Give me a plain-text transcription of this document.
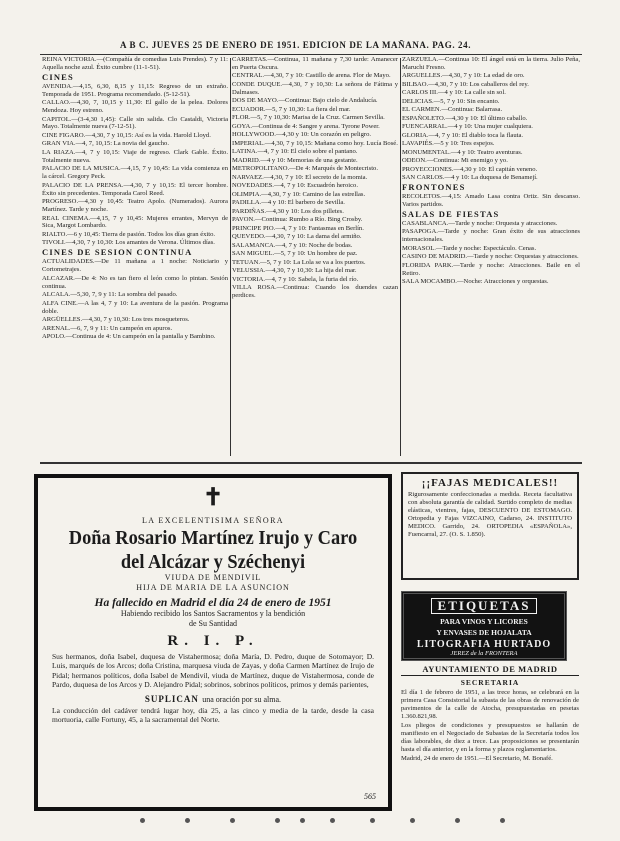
A B C. JUEVES 25 DE ENERO DE 1951. EDICION DE LA MAÑANA. PAG. 24.

REINA VICTORIA.—(Compañía de comedias Luis Prendes). 7 y 11: Aquella noche azul. Éxito cumbre (11-1-51).

CINES

AVENIDA.—4,15, 6,30, 8,15 y 11,15: Regreso de un extraño. Temporada de 1951. Programa recomendado. (5-12-51).

CALLAO.—4,30, 7, 10,15 y 11,30: El gallo de la pelea. Dolores Mendoza. Hoy estreno.

CAPITOL.—(3-4,30 1,45): Calle sin salida. Clo Castaldi, Victoria Mayo. Totalmente nueva (7-12-51).

CINE FIGARO.—4,30, 7 y 10,15: Así es la vida. Harold Lloyd.

GRAN VIA.—4, 7, 10,15: La novia del gaucho.

LA RIAZA.—4, 7 y 10,15: Viaje de regreso. Clark Gable. Éxito. Totalmente nueva.

PALACIO DE LA MUSICA.—4,15, 7 y 10,45: La vida comienza en la cárcel. Gregory Peck.

PALACIO DE LA PRENSA.—4,30, 7 y 10,15: El tercer hombre. Éxito sin precedentes. Temporada Carol Reed.

PROGRESO.—4,30 y 10,45: Teatro Apolo. (Numerados). Aurora Martínez. Tarde y noche.

REAL CINEMA.—4,15, 7 y 10,45: Mujeres errantes, Mervyn de Sica, Margot Lombardo.

RIALTO.—6 y 10,45: Tierra de pasión. Todos los días gran éxito.

TIVOLI.—4,30, 7 y 10,30: Los amantes de Verona. Últimos días.

CINES DE SESION CONTINUA

ACTUALIDADES.—De 11 mañana a 1 noche: Noticiario y Cortometrajes.

ALCAZAR.—De 4: No es tan fiero el león como lo pintan. Sesión continua.

ALCALA.—5,30, 7, 9 y 11: La sombra del pasado.

ALFA CINE.—A las 4, 7 y 10: La aventura de la pasión. Programa doble.

ARGÜELLES.—4,30, 7 y 10,30: Los tres mosqueteros.

ARENAL.—6, 7, 9 y 11: Un campeón en apuros.

APOLO.—Continua de 4: Un campeón en la pantalla y Bambino.

CARRETAS.—Continua, 11 mañana y 7,30 tarde: Amanecer en Puerta Oscura.

CENTRAL.—4,30, 7 y 10: Castillo de arena. Flor de Mayo.

CONDE DUQUE.—4,30, 7 y 10,30: La señora de Fátima y Dalmases.

DOS DE MAYO.—Continua: Bajo cielo de Andalucía.

ECUADOR.—5, 7 y 10,30: La fiera del mar.

FLOR.—5, 7 y 10,30: Marisa de la Cruz. Carmen Sevilla.

GOYA.—Continua de 4: Sangre y arena. Tyrone Power.

HOLLYWOOD.—4,30 y 10: Un corazón en peligro.

IMPERIAL.—4,30, 7 y 10,15: Mañana como hoy. Lucía Bosé.

LATINA.—4, 7 y 10: El cielo sobre el pantano.

MADRID.—4 y 10: Memorias de una gestante.

METROPOLITANO.—De 4: Marqués de Montecristo.

NARVAEZ.—4,30, 7 y 10: El secreto de la momia.

NOVEDADES.—4, 7 y 10: Escuadrón heroico.

OLIMPIA.—4,30, 7 y 10: Camino de las estrellas.

PADILLA.—4 y 10: El barbero de Sevilla.

PARDIÑAS.—4,30 y 10: Los dos pilletes.

PAVON.—Continua: Rumbo a Río. Bing Crosby.

PRINCIPE PIO.—4, 7 y 10: Fantasmas en Berlín.

QUEVEDO.—4,30, 7 y 10: La dama del armiño.

SALAMANCA.—4, 7 y 10: Noche de bodas.

SAN MIGUEL.—5, 7 y 10: Un hombre de paz.

TETUAN.—5, 7 y 10: La Lola se va a los puertos.

VELUSSIA.—4,30, 7 y 10,30: La hija del mar.

VICTORIA.—4, 7 y 10: Sabela, la furia del río.

VILLA ROSA.—Continua: Cuando los duendes cazan perdices.

ZARZUELA.—Continua 10: El ángel está en la tierra. Julio Peña, Maruchi Fresno.

ARGUELLES.—4,30, 7 y 10: La edad de oro.

BILBAO.—4,30, 7 y 10: Los caballeros del rey.

CARLOS III.—4 y 10: La calle sin sol.

DELICIAS.—5, 7 y 10: Sin encanto.

EL CARMEN.—Continua: Balarrasa.

ESPAÑOLETO.—4,30 y 10: El último caballo.

FUENCARRAL.—4 y 10: Una mujer cualquiera.

GLORIA.—4, 7 y 10: El diablo toca la flauta.

LAVAPIÉS.—5 y 10: Tres espejos.

MONUMENTAL.—4 y 10: Teatro aventuras.

ODEON.—Continua: Mi enemigo y yo.

PROYECCIONES.—4,30 y 10: El capitán veneno.

SAN CARLOS.—4 y 10: La duquesa de Benamejí.

FRONTONES

RECOLETOS.—4,15: Amado Lasa contra Ortiz. Sin descanso. Varios partidos.

SALAS DE FIESTAS

CASABLANCA.—Tarde y noche: Orquesta y atracciones.

PASAPOGA.—Tarde y noche: Gran éxito de sus atracciones internacionales.

MORASOL.—Tarde y noche: Espectáculo. Cenas.

CASINO DE MADRID.—Tarde y noche: Orquestas y atracciones.

FLORIDA PARK.—Tarde y noche: Atracciones. Baile en el Retiro.

SALA MOCAMBO.—Noche: Atracciones y orquestas.

✝
LA EXCELENTISIMA SEÑORA
Doña Rosario Martínez Irujo y Caro
del Alcázar y Széchenyi
VIUDA DE MENDIVIL
HIJA DE MARIA DE LA ASUNCION
Ha fallecido en Madrid el día 24 de enero de 1951
Habiendo recibido los Santos Sacramentos y la bendición
de Su Santidad
R. I. P.
Sus hermanos, doña Isabel, duquesa de Vistahermosa; doña María, D. Pedro, duque de Sotomayor; D. Luis, marqués de los Arcos; doña Cristina, marquesa viuda de Zayas, y doña Carmen Martínez de Irujo de Pidal; hermanos políticos, doña Isabel de Mendivil, viuda de Martínez, duque de Vistahermosa, conde de Pardo, duquesa de los Arcos y D. Alejandro Pidal; sobrinos, sobrinos políticos, primos y demás parientes,
SUPLICAN una oración por su alma.
La conducción del cadáver tendrá lugar hoy, día 25, a las cinco y media de la tarde, desde la casa mortuoria, calle Fortuny, 45, a la sacramental del Norte.
565
¡¡FAJAS MEDICALES!!
Rigurosamente confeccionadas a medida. Receta facultativa con absoluta garantía de calidad. Surtido completo de medias elásticas, vientres, fajas, DESCUENTO DE ESTOMAGO. Ortopedia y Fajas VIZCAINO, Cadarso, 24. INSTITUTO MEDICO. Garrido, 24. ORTOPEDIA «ESPAÑOLA», Fuencarral, 27. (O. S. 1.850).
ETIQUETAS
PARA VINOS Y LICORES
Y ENVASES DE HOJALATA
LITOGRAFIA HURTADO
JEREZ de la FRONTERA
AYUNTAMIENTO DE MADRID
SECRETARIA

El día 1 de febrero de 1951, a las trece horas, se celebrará en la primera Casa Consistorial la subasta de las obras de renovación de pavimentos de la calle de Atocha, presupuestadas en pesetas 1.360.821,98.

Los pliegos de condiciones y presupuestos se hallarán de manifiesto en el Negociado de Subastas de la Secretaría todos los días laborables, de diez a trece. Las proposiciones se presentarán hasta el día anterior, y en la forma y plazos reglamentarios.

Madrid, 24 de enero de 1951.—El Secretario, M. Bonafé.
